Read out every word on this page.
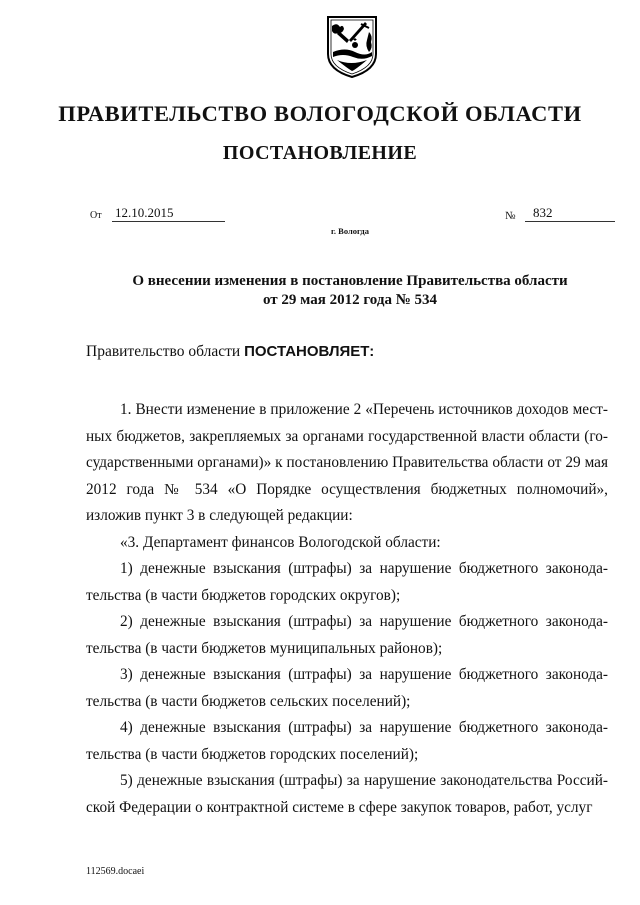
ПРАВИТЕЛЬСТВО ВОЛОГОДСКОЙ ОБЛАСТИ
ПОСТАНОВЛЕНИЕ
От 12.10.2015	№	832
г. Вологда
О внесении изменения в постановление Правительства области
от 29 мая 2012 года № 534
Правительство области ПОСТАНОВЛЯЕТ:
1. Внести изменение в приложение 2 «Перечень источников доходов мест-ных бюджетов, закрепляемых за органами государственной власти области (го-сударственными органами)» к постановлению Правительства области от 29 мая 2012 года № 534 «О Порядке осуществления бюджетных полномочий», изложив пункт 3 в следующей редакции:
«3. Департамент финансов Вологодской области:
1) денежные взыскания (штрафы) за нарушение бюджетного законода-тельства (в части бюджетов городских округов);
2) денежные взыскания (штрафы) за нарушение бюджетного законода-тельства (в части бюджетов муниципальных районов);
3) денежные взыскания (штрафы) за нарушение бюджетного законода-тельства (в части бюджетов сельских поселений);
4) денежные взыскания (штрафы) за нарушение бюджетного законода-тельства (в части бюджетов городских поселений);
5) денежные взыскания (штрафы) за нарушение законодательства Россий-ской Федерации о контрактной системе в сфере закупок товаров, работ, услуг
112569.docaei
